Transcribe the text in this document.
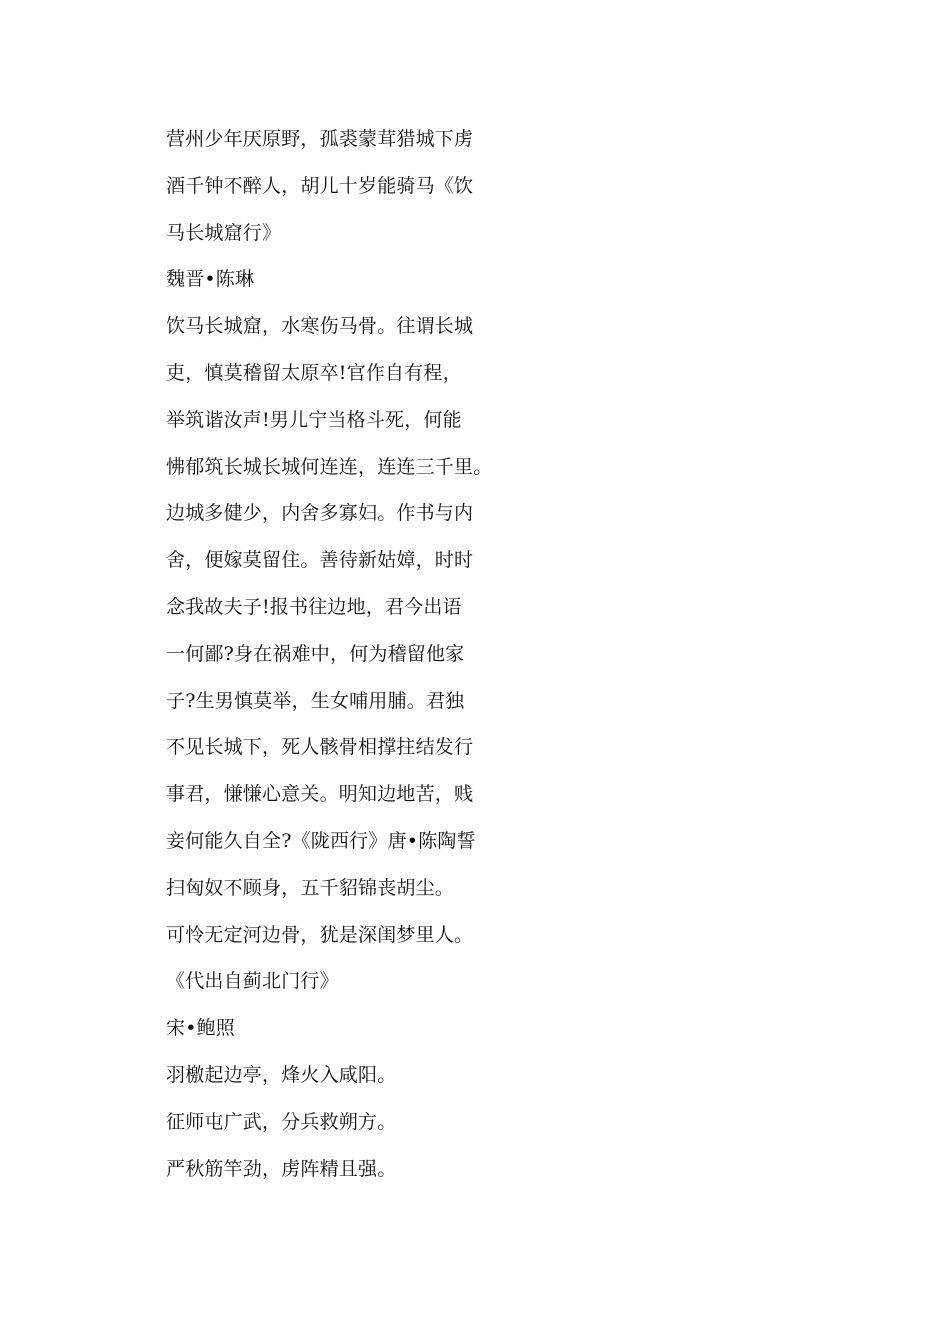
营州少年厌原野，孤裘蒙茸猎城下虏
酒千钟不醉人，胡儿十岁能骑马《饮
马长城窟行》
魏晋•陈琳
饮马长城窟，水寒伤马骨。往谓长城
吏，慎莫稽留太原卒!官作自有程，
举筑谐汝声!男儿宁当格斗死，何能
怫郁筑长城长城何连连，连连三千里。
边城多健少，内舍多寡妇。作书与内
舍，便嫁莫留住。善待新姑嫜，时时
念我故夫子!报书往边地，君今出语
一何鄙?身在祸难中，何为稽留他家
子?生男慎莫举，生女哺用脯。君独
不见长城下，死人骸骨相撑拄结发行
事君，慊慊心意关。明知边地苦，贱
妾何能久自全?《陇西行》唐•陈陶誓
扫匈奴不顾身，五千貂锦丧胡尘。
可怜无定河边骨，犹是深闺梦里人。
《代出自蓟北门行》
宋•鲍照
羽檄起边亭，烽火入咸阳。
征师屯广武，分兵救朔方。
严秋筋竿劲，虏阵精且强。
